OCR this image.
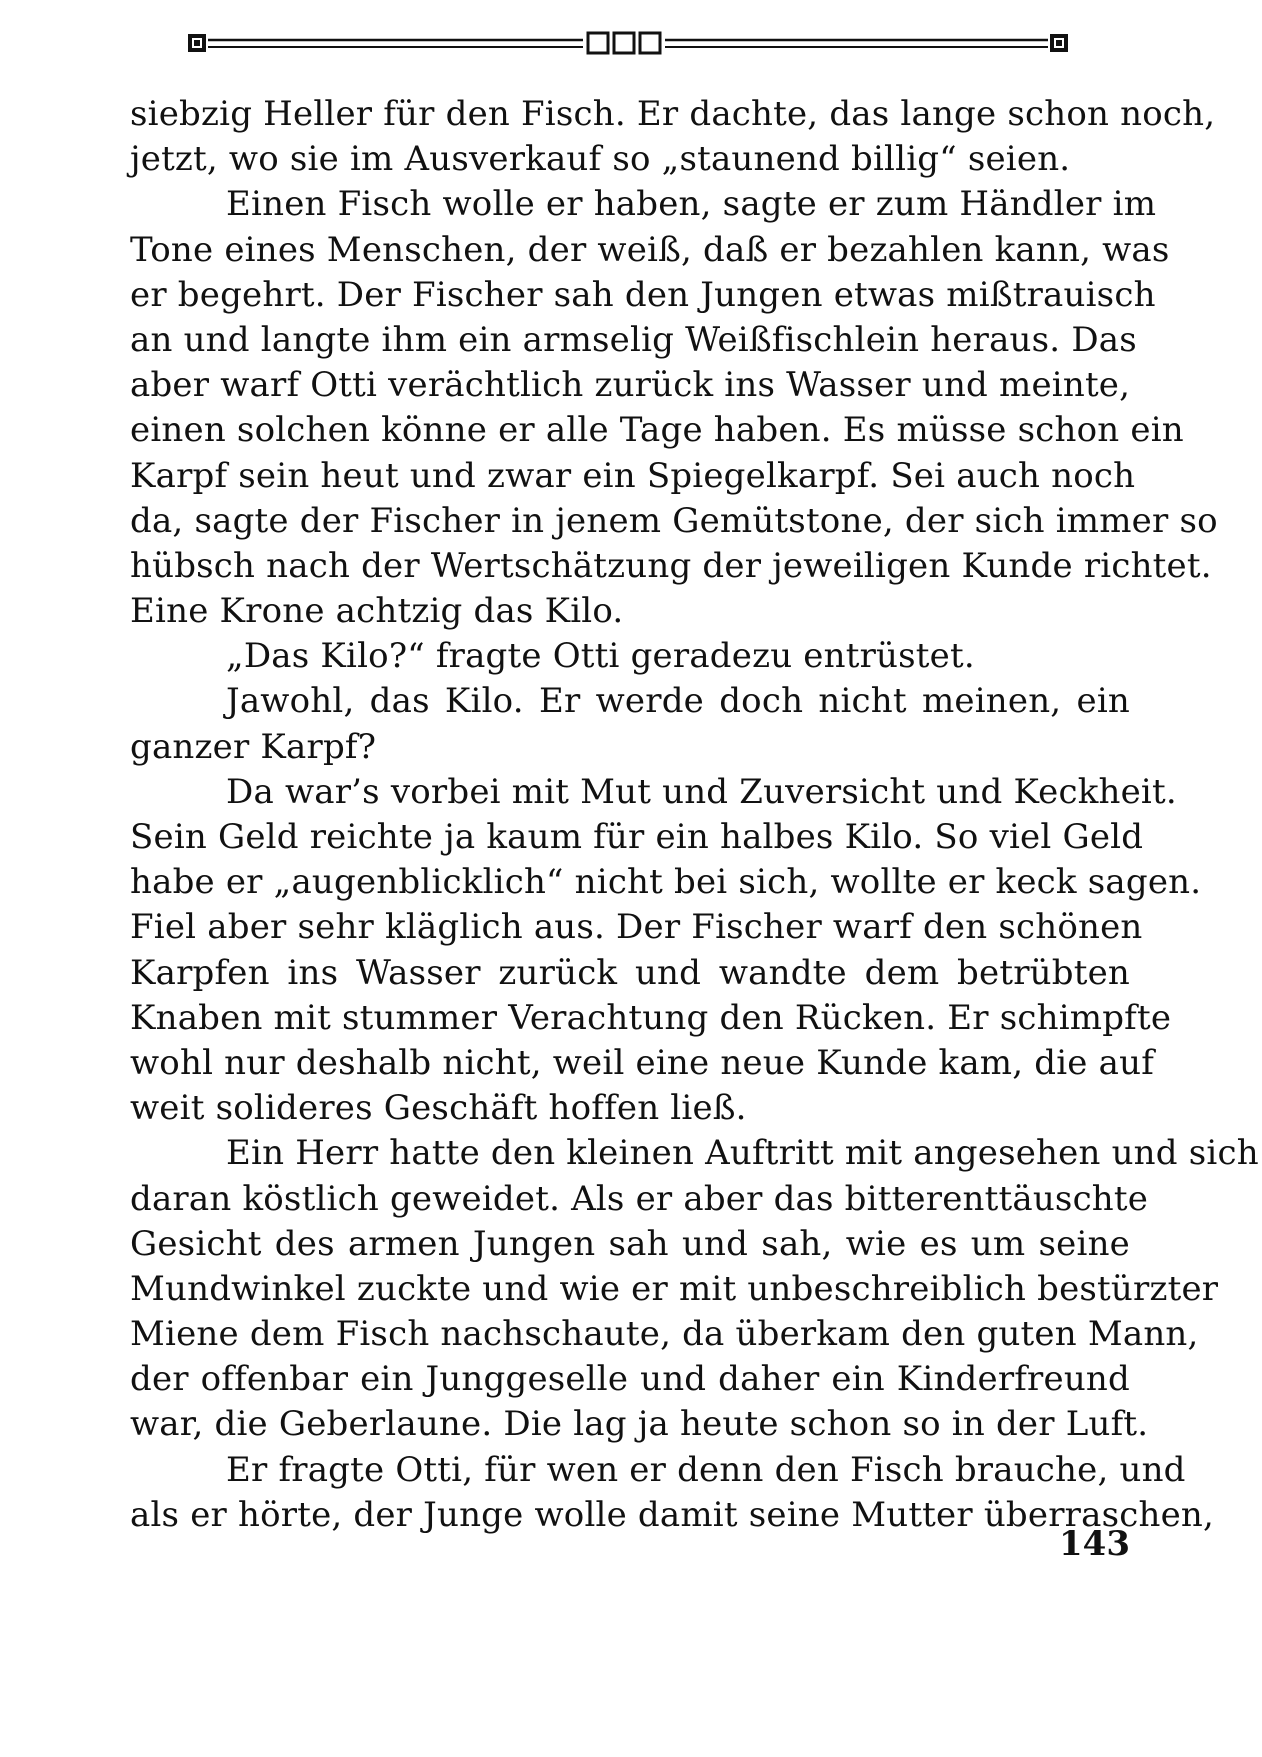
siebzig Heller für den Fisch. Er dachte, das lange schon noch,
jetzt, wo sie im Ausverkauf so „staunend billig“ seien.
Einen Fisch wolle er haben, sagte er zum Händler im
Tone eines Menschen, der weiß, daß er bezahlen kann, was
er begehrt. Der Fischer sah den Jungen etwas mißtrauisch
an und langte ihm ein armselig Weißfischlein heraus. Das
aber warf Otti verächtlich zurück ins Wasser und meinte,
einen solchen könne er alle Tage haben. Es müsse schon ein
Karpf sein heut und zwar ein Spiegelkarpf. Sei auch noch
da, sagte der Fischer in jenem Gemütstone, der sich immer so
hübsch nach der Wertschätzung der jeweiligen Kunde richtet.
Eine Krone achtzig das Kilo.
„Das Kilo?“ fragte Otti geradezu entrüstet.
Jawohl, das Kilo. Er werde doch nicht meinen, ein
ganzer Karpf?
Da war’s vorbei mit Mut und Zuversicht und Keckheit.
Sein Geld reichte ja kaum für ein halbes Kilo. So viel Geld
habe er „augenblicklich“ nicht bei sich, wollte er keck sagen.
Fiel aber sehr kläglich aus. Der Fischer warf den schönen
Karpfen ins Wasser zurück und wandte dem betrübten
Knaben mit stummer Verachtung den Rücken. Er schimpfte
wohl nur deshalb nicht, weil eine neue Kunde kam, die auf
weit solideres Geschäft hoffen ließ.
Ein Herr hatte den kleinen Auftritt mit angesehen und sich
daran köstlich geweidet. Als er aber das bitterenttäuschte
Gesicht des armen Jungen sah und sah, wie es um seine
Mundwinkel zuckte und wie er mit unbeschreiblich bestürzter
Miene dem Fisch nachschaute, da überkam den guten Mann,
der offenbar ein Junggeselle und daher ein Kinderfreund
war, die Geberlaune. Die lag ja heute schon so in der Luft.
Er fragte Otti, für wen er denn den Fisch brauche, und
als er hörte, der Junge wolle damit seine Mutter überraschen,
143
